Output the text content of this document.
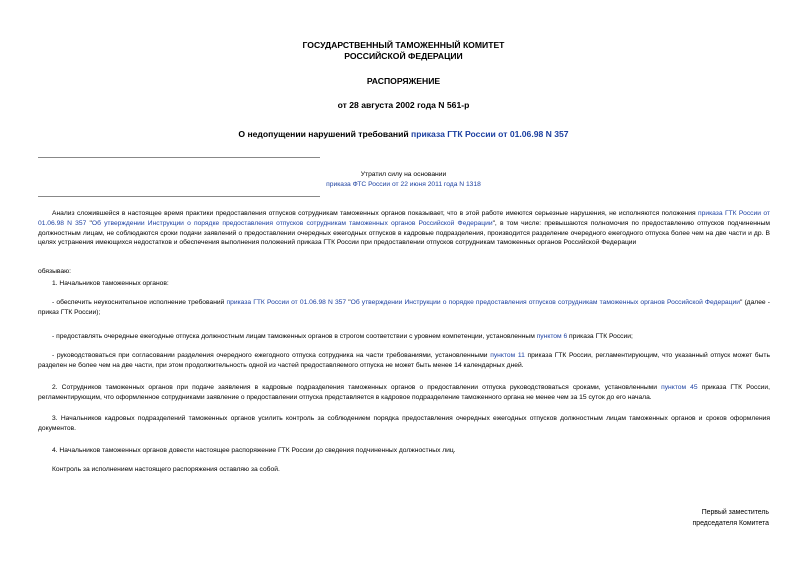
ГОСУДАРСТВЕННЫЙ ТАМОЖЕННЫЙ КОМИТЕТ
РОССИЙСКОЙ ФЕДЕРАЦИИ
РАСПОРЯЖЕНИЕ
от 28 августа 2002 года N 561-р
О недопущении нарушений требований приказа ГТК России от 01.06.98 N 357
Утратил силу на основании
приказа ФТС России от 22 июня 2011 года N 1318
Анализ сложившейся в настоящее время практики предоставления отпусков сотрудникам таможенных органов показывает, что в этой работе имеются серьезные нарушения, не исполняются положения приказа ГТК России от 01.06.98 N 357 "Об утверждении Инструкции о порядке предоставления отпусков сотрудникам таможенных органов Российской Федерации", в том числе: превышаются полномочия по предоставлению отпусков подчиненным должностным лицам, не соблюдаются сроки подачи заявлений о предоставлении очередных ежегодных отпусков в кадровые подразделения, производится разделение очередного ежегодного отпуска более чем на две части и др. В целях устранения имеющихся недостатков и обеспечения выполнения положений приказа ГТК России при предоставлении отпусков сотрудникам таможенных органов Российской Федерации
обязываю:
1. Начальников таможенных органов:
- обеспечить неукоснительное исполнение требований приказа ГТК России от 01.06.98 N 357 "Об утверждении Инструкции о порядке предоставления отпусков сотрудникам таможенных органов Российской Федерации" (далее - приказ ГТК России);
- предоставлять очередные ежегодные отпуска должностным лицам таможенных органов в строгом соответствии с уровнем компетенции, установленным пунктом 6 приказа ГТК России;
- руководствоваться при согласовании разделения очередного ежегодного отпуска сотрудника на части требованиями, установленными пунктом 11 приказа ГТК России, регламентирующим, что указанный отпуск может быть разделен не более чем на две части, при этом продолжительность одной из частей предоставляемого отпуска не может быть менее 14 календарных дней.
2. Сотрудников таможенных органов при подаче заявления в кадровые подразделения таможенных органов о предоставлении отпуска руководствоваться сроками, установленными пунктом 45 приказа ГТК России, регламентирующим, что оформленное сотрудниками заявление о предоставлении отпуска представляется в кадровое подразделение таможенного органа не менее чем за 15 суток до его начала.
3. Начальников кадровых подразделений таможенных органов усилить контроль за соблюдением порядка предоставления очередных ежегодных отпусков должностным лицам таможенных органов и сроков оформления документов.
4. Начальников таможенных органов довести настоящее распоряжение ГТК России до сведения подчиненных должностных лиц.
Контроль за исполнением настоящего распоряжения оставляю за собой.
Первый заместитель
председателя Комитета
